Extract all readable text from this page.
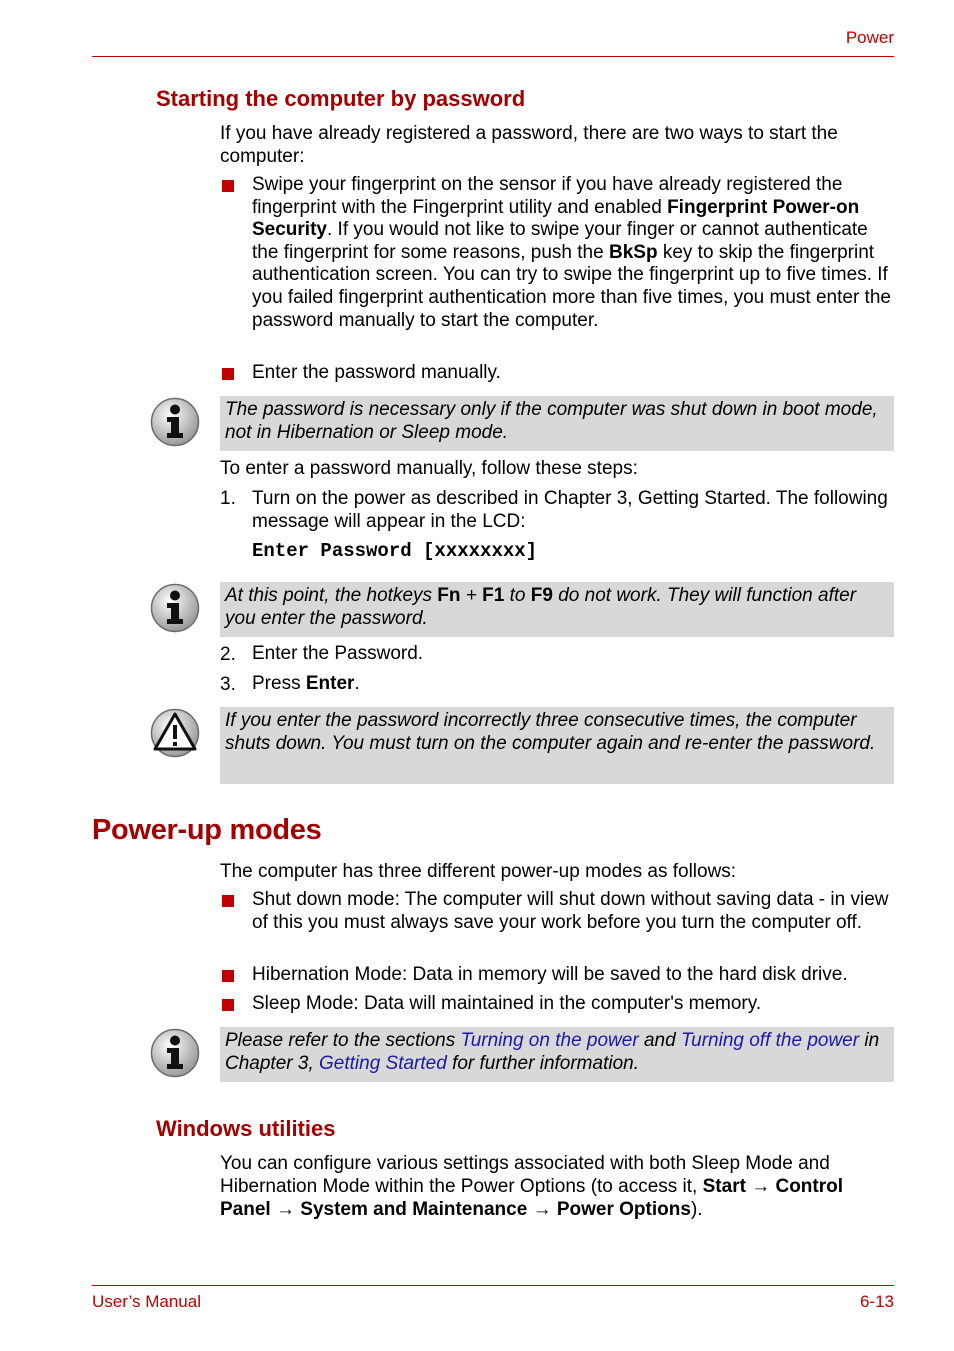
Power
Starting the computer by password
If you have already registered a password, there are two ways to start the computer:
Swipe your fingerprint on the sensor if you have already registered the fingerprint with the Fingerprint utility and enabled Fingerprint Power-on Security. If you would not like to swipe your finger or cannot authenticate the fingerprint for some reasons, push the BkSp key to skip the fingerprint authentication screen. You can try to swipe the fingerprint up to five times. If you failed fingerprint authentication more than five times, you must enter the password manually to start the computer.
Enter the password manually.
The password is necessary only if the computer was shut down in boot mode, not in Hibernation or Sleep mode.
To enter a password manually, follow these steps:
1. Turn on the power as described in Chapter 3, Getting Started. The following message will appear in the LCD:
Enter Password [xxxxxxxx]
At this point, the hotkeys Fn + F1 to F9 do not work. They will function after you enter the password.
2. Enter the Password.
3. Press Enter.
If you enter the password incorrectly three consecutive times, the computer shuts down. You must turn on the computer again and re-enter the password.
Power-up modes
The computer has three different power-up modes as follows:
Shut down mode: The computer will shut down without saving data - in view of this you must always save your work before you turn the computer off.
Hibernation Mode: Data in memory will be saved to the hard disk drive.
Sleep Mode: Data will maintained in the computer's memory.
Please refer to the sections Turning on the power and Turning off the power in Chapter 3, Getting Started for further information.
Windows utilities
You can configure various settings associated with both Sleep Mode and Hibernation Mode within the Power Options (to access it, Start → Control Panel → System and Maintenance → Power Options).
User’s Manual	6-13
